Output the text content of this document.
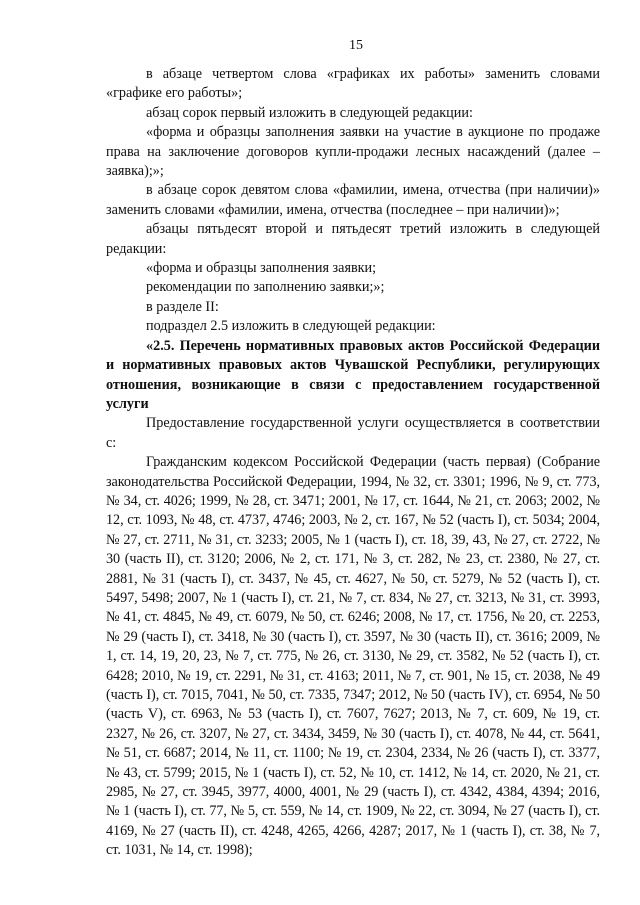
15

в абзаце четвертом слова «графиках их работы» заменить словами «графике его работы»;

абзац сорок первый изложить в следующей редакции:

«форма и образцы заполнения заявки на участие в аукционе по продаже права на заключение договоров купли-продажи лесных насаждений (далее – заявка);»;

в абзаце сорок девятом слова «фамилии, имена, отчества (при наличии)» заменить словами «фамилии, имена, отчества (последнее – при наличии)»;

абзацы пятьдесят второй и пятьдесят третий изложить в следующей редакции:

«форма и образцы заполнения заявки;

рекомендации по заполнению заявки;»;

в разделе II:

подраздел 2.5 изложить в следующей редакции:

«2.5. Перечень нормативных правовых актов Российской Федерации и нормативных правовых актов Чувашской Республики, регулирующих отношения, возникающие в связи с предоставлением государственной услуги

Предоставление государственной услуги осуществляется в соответствии с:

Гражданским кодексом Российской Федерации (часть первая) (Собрание законодательства Российской Федерации, 1994, № 32, ст. 3301; 1996, № 9, ст. 773, № 34, ст. 4026; 1999, № 28, ст. 3471; 2001, № 17, ст. 1644, № 21, ст. 2063; 2002, № 12, ст. 1093, № 48, ст. 4737, 4746; 2003, № 2, ст. 167, № 52 (часть I), ст. 5034; 2004, № 27, ст. 2711, № 31, ст. 3233; 2005, № 1 (часть I), ст. 18, 39, 43, № 27, ст. 2722, № 30 (часть II), ст. 3120; 2006, № 2, ст. 171, № 3, ст. 282, № 23, ст. 2380, № 27, ст. 2881, № 31 (часть I), ст. 3437, № 45, ст. 4627, № 50, ст. 5279, № 52 (часть I), ст. 5497, 5498; 2007, № 1 (часть I), ст. 21, № 7, ст. 834, № 27, ст. 3213, № 31, ст. 3993, № 41, ст. 4845, № 49, ст. 6079, № 50, ст. 6246; 2008, № 17, ст. 1756, № 20, ст. 2253, № 29 (часть I), ст. 3418, № 30 (часть I), ст. 3597, № 30 (часть II), ст. 3616; 2009, № 1, ст. 14, 19, 20, 23, № 7, ст. 775, № 26, ст. 3130, № 29, ст. 3582, № 52 (часть I), ст. 6428; 2010, № 19, ст. 2291, № 31, ст. 4163; 2011, № 7, ст. 901, № 15, ст. 2038, № 49 (часть I), ст. 7015, 7041, № 50, ст. 7335, 7347; 2012, № 50 (часть IV), ст. 6954, № 50 (часть V), ст. 6963, № 53 (часть I), ст. 7607, 7627; 2013, № 7, ст. 609, № 19, ст. 2327, № 26, ст. 3207, № 27, ст. 3434, 3459, № 30 (часть I), ст. 4078, № 44, ст. 5641, № 51, ст. 6687; 2014, № 11, ст. 1100; № 19, ст. 2304, 2334, № 26 (часть I), ст. 3377, № 43, ст. 5799; 2015, № 1 (часть I), ст. 52, № 10, ст. 1412, № 14, ст. 2020, № 21, ст. 2985, № 27, ст. 3945, 3977, 4000, 4001, № 29 (часть I), ст. 4342, 4384, 4394; 2016, № 1 (часть I), ст. 77, № 5, ст. 559, № 14, ст. 1909, № 22, ст. 3094, № 27 (часть I), ст. 4169, № 27 (часть II), ст. 4248, 4265, 4266, 4287; 2017, № 1 (часть I), ст. 38, № 7, ст. 1031, № 14, ст. 1998);
